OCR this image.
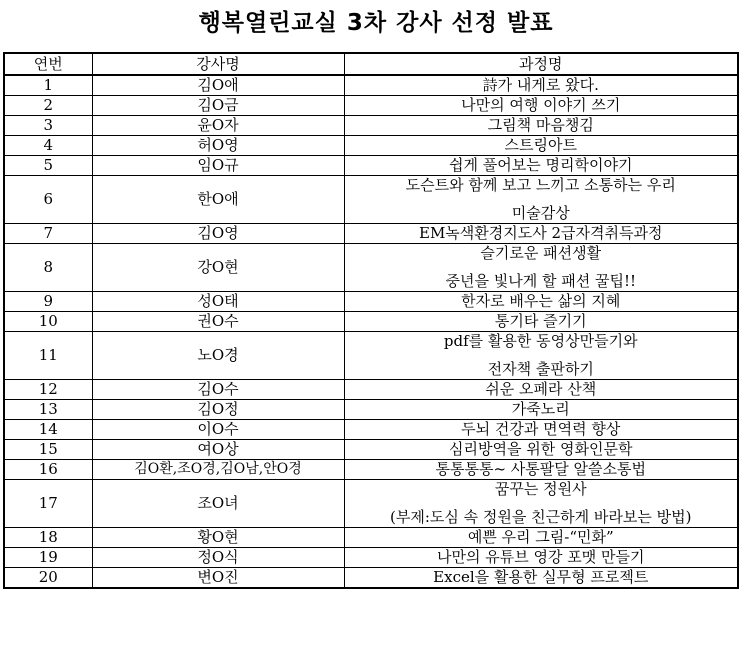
행복열린교실 3차 강사 선정 발표
연번	강사명	과정명
1	김O애	詩가 내게로 왔다.

2	김O금	나만의 여행 이야기 쓰기

3	윤O자	그림책 마음챙김

4	허O영	스트링아트

5	임O규	쉽게 풀어보는 명리학이야기

6	한O애	도슨트와 함께 보고 느끼고 소통하는 우리
미술감상

7	김O영	EM녹색환경지도사 2급자격취득과정

8	강O현	슬기로운 패션생활
중년을 빛나게 할 패션 꿀팁!!

9	성O태	한자로 배우는 삶의 지혜

10	권O수	통기타 즐기기

11	노O경	pdf를 활용한 동영상만들기와
전자책 출판하기

12	김O수	쉬운 오페라 산책

13	김O정	가죽노리

14	이O수	두뇌 건강과 면역력 향상

15	여O상	심리방역을 위한 영화인문학

16	김O환,조O경,김O남,안O경	통통통통~ 사통팔달 알쓸소통법

17	조O녀	꿈꾸는 정원사
(부제:도심 속 정원을 친근하게 바라보는 방법)

18	황O현	예쁜 우리 그림-“민화”

19	정O식	나만의 유튜브 영강 포맷 만들기

20	변O진	Excel을 활용한 실무형 프로젝트
